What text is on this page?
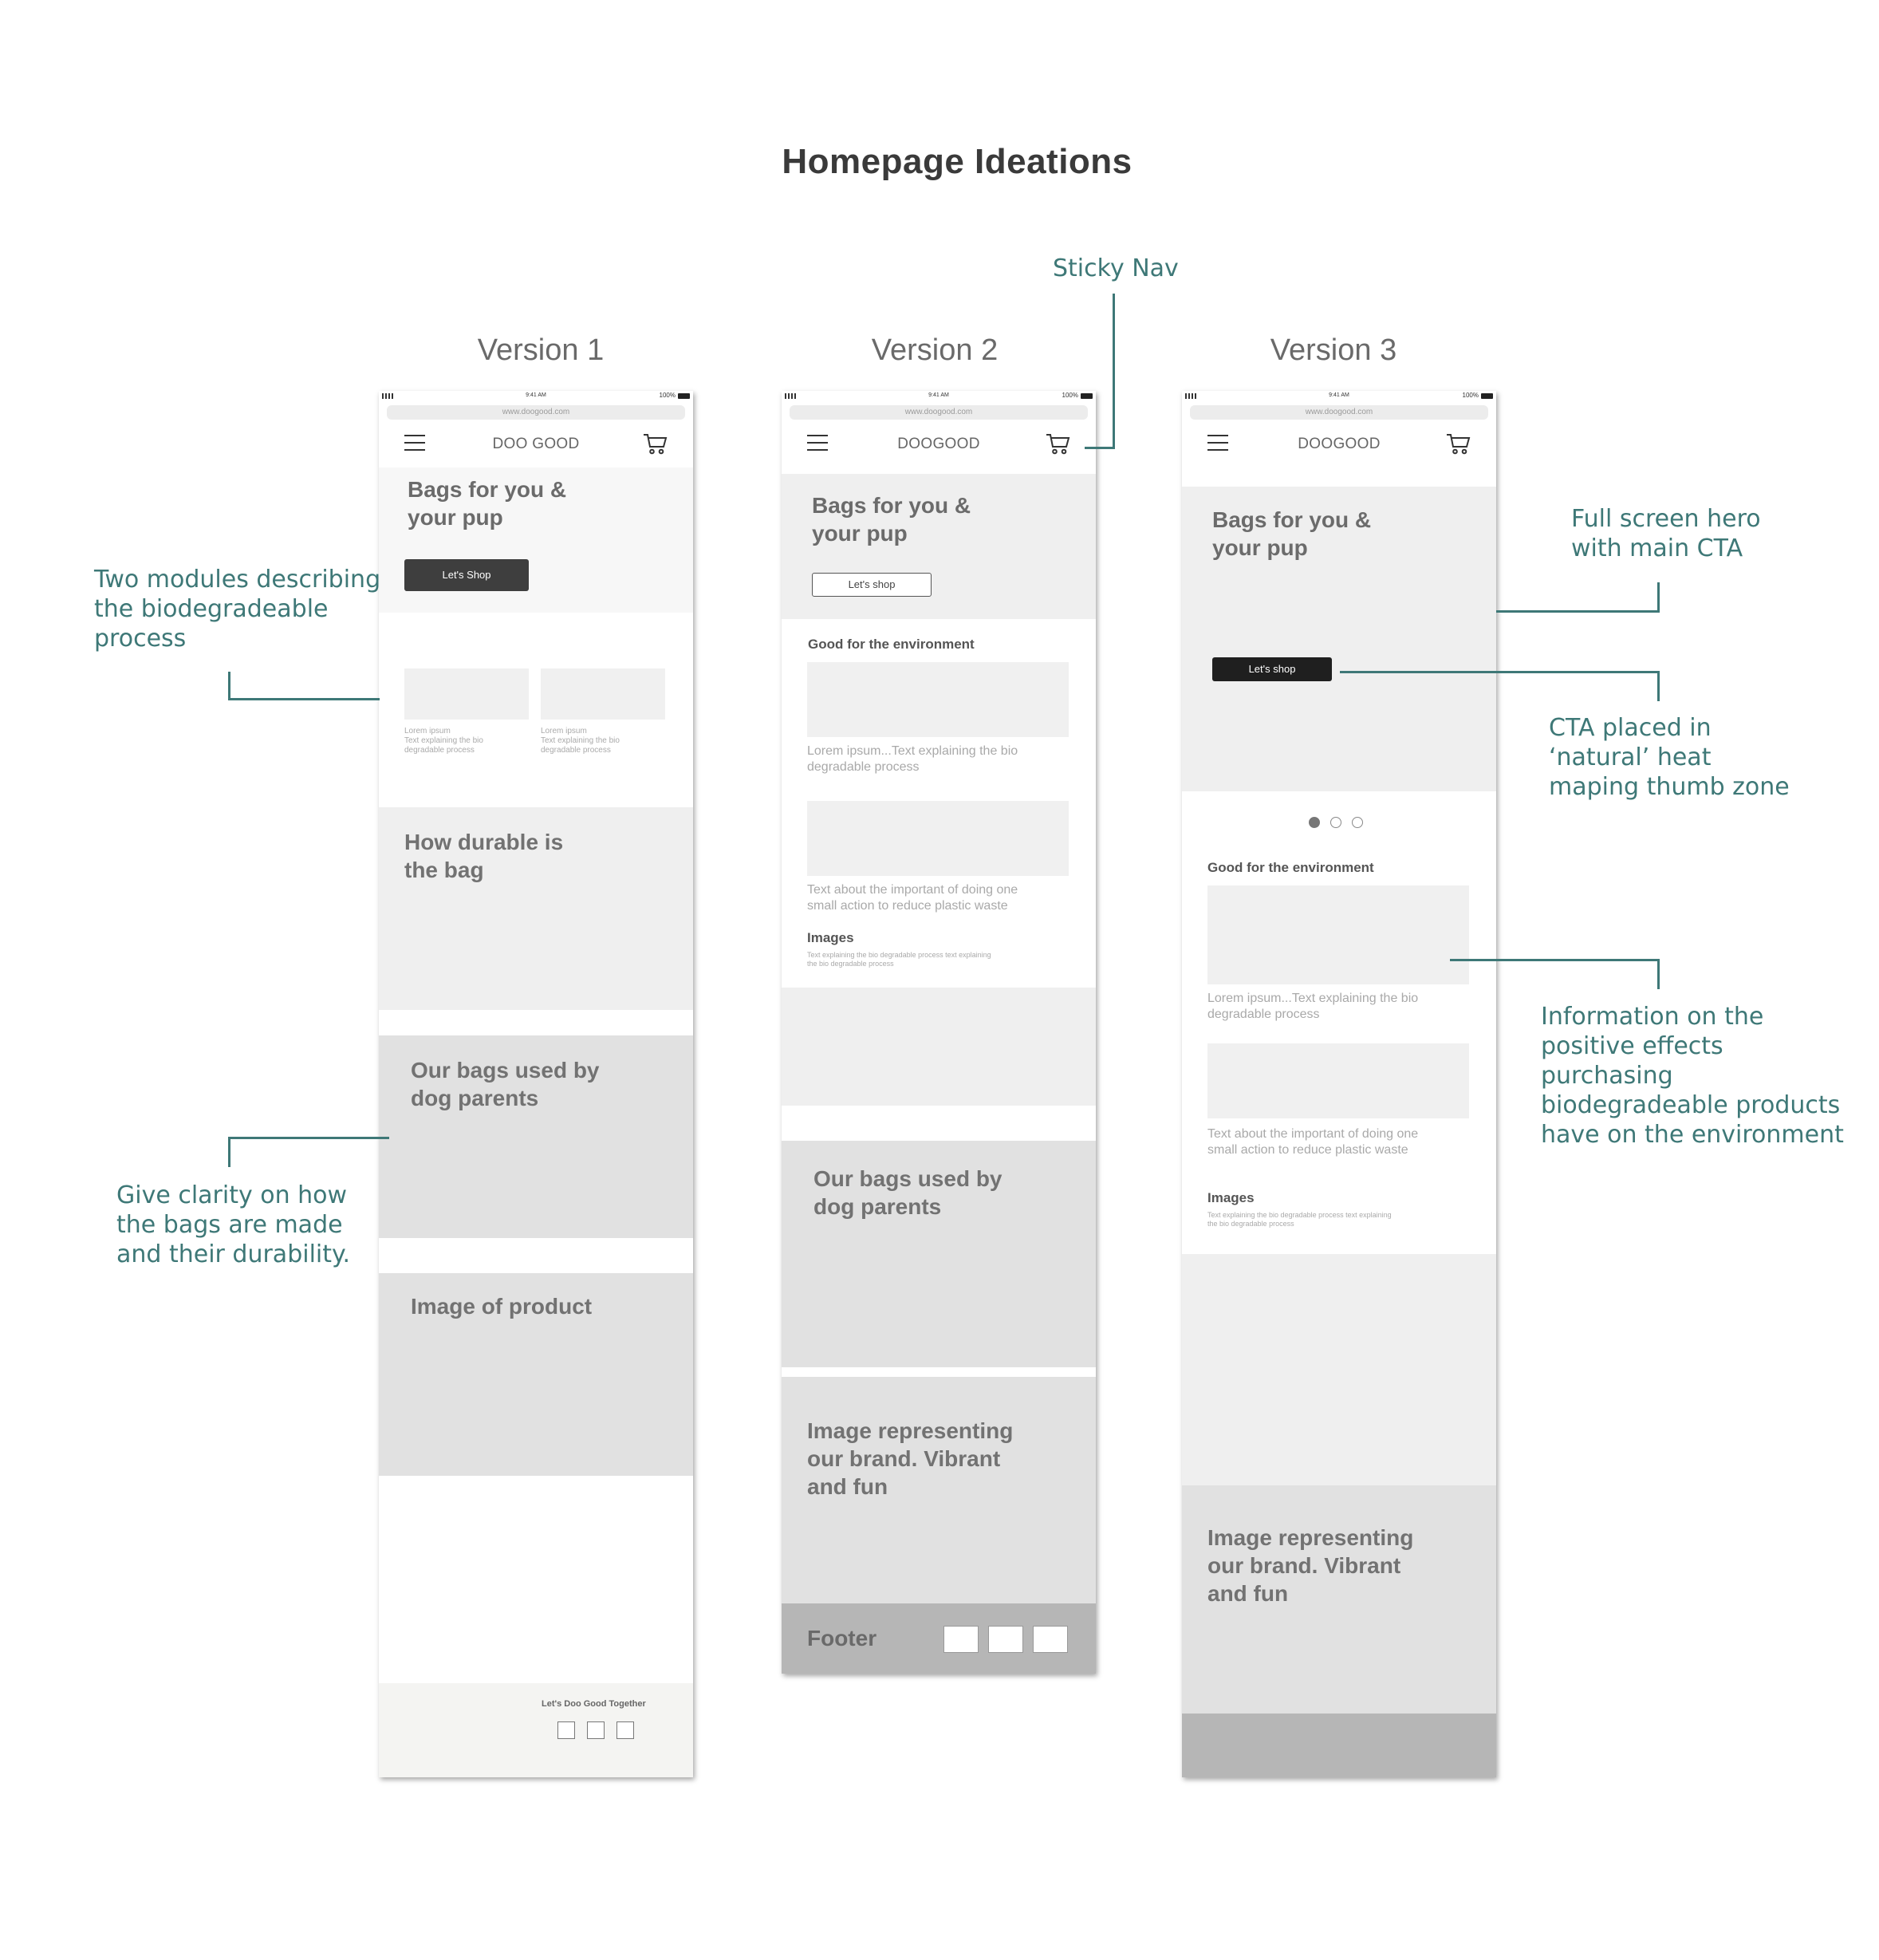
Homepage Ideations
Version 1	Version 2	Version 3
9:41 AM	100%
www.doogood.com
DOO GOOD
Bags for you &
your pup
Let's Shop
Lorem ipsum
Text explaining the bio
degradable process
Lorem ipsum
Text explaining the bio
degradable process
How durable is
the bag
Our bags used by
dog parents
Image of product
Let's Doo Good Together
9:41 AM	100%
www.doogood.com
DOOGOOD
Bags for you &
your pup
Let's shop
Good for the environment
Lorem ipsum...Text explaining the bio
degradable process
Text about the important of doing one
small action to reduce plastic waste
Images
Text explaining the bio degradable process text explaining
the bio degradable process
Our bags used by
dog parents
Image representing
our brand. Vibrant
and fun
Footer
9:41 AM	100%
www.doogood.com
DOOGOOD
Bags for you &
your pup
Let's shop
Good for the environment
Lorem ipsum...Text explaining the bio
degradable process
Text about the important of doing one
small action to reduce plastic waste
Images
Text explaining the bio degradable process text explaining
the bio degradable process
Image representing
our brand. Vibrant
and fun
Sticky Nav
Two modules describing
the biodegradeable
process
Give clarity on how
the bags are made
and their durability.
Full screen hero
with main CTA
CTA placed in
‘natural’ heat
maping thumb zone
Information on the
positive effects
purchasing
biodegradeable products
have on the environment
